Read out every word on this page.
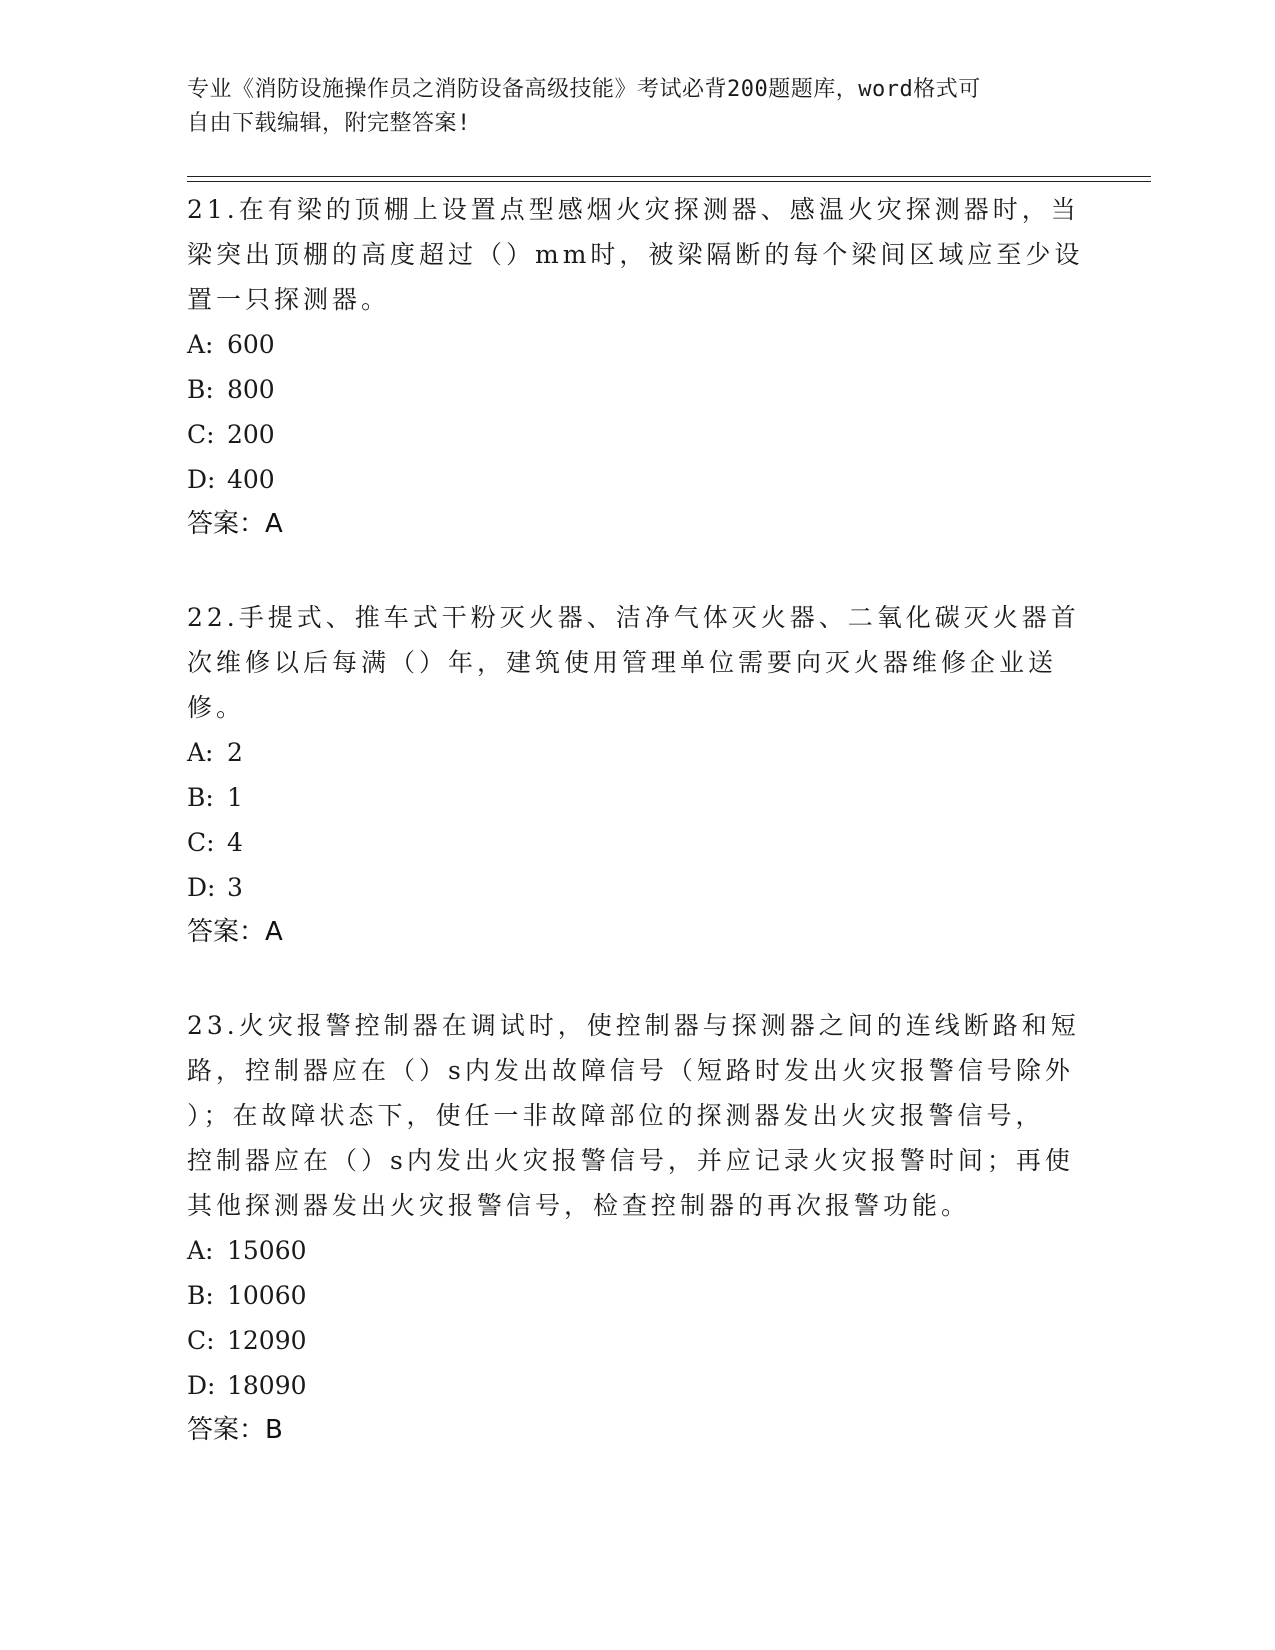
专业《消防设施操作员之消防设备高级技能》考试必背200题题库，word格式可
自由下载编辑，附完整答案!
21.在有梁的顶棚上设置点型感烟火灾探测器、感温火灾探测器时，当
梁突出顶棚的高度超过（）mm时，被梁隔断的每个梁间区域应至少设
置一只探测器。
A: 600
B: 800
C: 200
D: 400
答案：A
22.手提式、推车式干粉灭火器、洁净气体灭火器、二氧化碳灭火器首
次维修以后每满（）年，建筑使用管理单位需要向灭火器维修企业送
修。
A: 2
B: 1
C: 4
D: 3
答案：A
23.火灾报警控制器在调试时，使控制器与探测器之间的连线断路和短
路，控制器应在（）s内发出故障信号（短路时发出火灾报警信号除外
）；在故障状态下，使任一非故障部位的探测器发出火灾报警信号，
控制器应在（）s内发出火灾报警信号，并应记录火灾报警时间；再使
其他探测器发出火灾报警信号，检查控制器的再次报警功能。
A: 15060
B: 10060
C: 12090
D: 18090
答案：B
